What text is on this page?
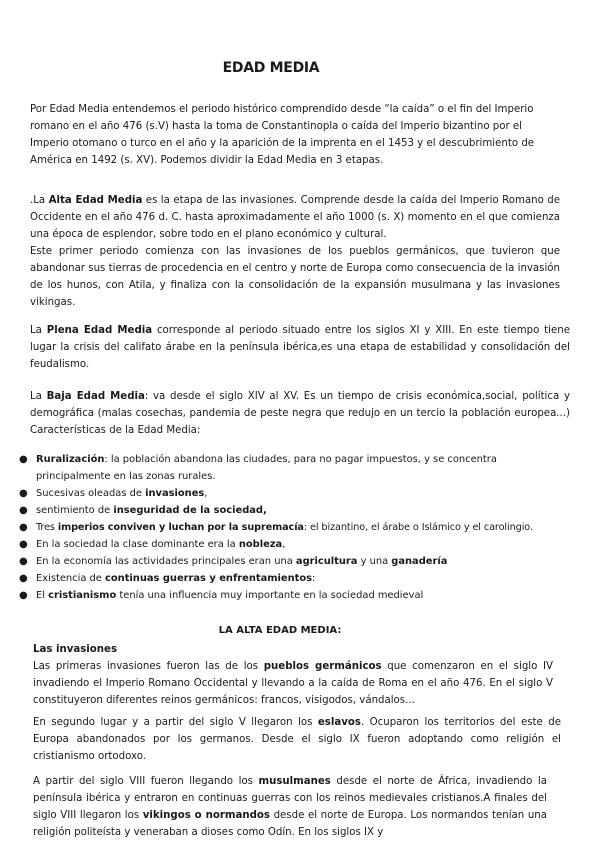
EDAD MEDIA

Por Edad Media entendemos el periodo histórico comprendido desde “la caída” o el fin del Imperio romano en el año 476 (s.V) hasta la toma de Constantinopla o caída del Imperio bizantino por el Imperio otomano o turco en el año y la aparición de la imprenta en el 1453 y el descubrimiento de América en 1492 (s. XV). Podemos dividir la Edad Media en 3 etapas.

.La Alta Edad Media es la etapa de las invasiones. Comprende desde la caída del Imperio Romano de Occidente en el año 476 d. C. hasta aproximadamente el año 1000 (s. X) momento en el que comienza una época de esplendor, sobre todo en el plano económico y cultural.
Este primer periodo comienza con las invasiones de los pueblos germánicos, que tuvieron que abandonar sus tierras de procedencia en el centro y norte de Europa como consecuencia de la invasión de los hunos, con Atila, y finaliza con la consolidación de la expansión musulmana y las invasiones vikingas.

La Plena Edad Media corresponde al periodo situado entre los siglos XI y XIII. En este tiempo tiene lugar la crisis del califato árabe en la península ibérica,es una etapa de estabilidad y consolidación del feudalismo.

La Baja Edad Media: va desde el siglo XIV al XV. Es un tiempo de crisis económica,social, política y demográfica (malas cosechas, pandemia de peste negra que redujo en un tercio la población europea...) Características de la Edad Media:

● Ruralización: la población abandona las ciudades, para no pagar impuestos, y se concentra principalmente en las zonas rurales.
● Sucesivas oleadas de invasiones,
● sentimiento de inseguridad de la sociedad,
● Tres imperios conviven y luchan por la supremacía: el bizantino, el árabe o Islámico y el carolingio.
● En la sociedad la clase dominante era la nobleza,
● En la economía las actividades principales eran una agricultura y una ganadería
● Existencia de continuas guerras y enfrentamientos:
● El cristianismo tenía una influencia muy importante en la sociedad medieval
LA ALTA EDAD MEDIA:
Las invasiones

Las primeras invasiones fueron las de los pueblos germánicos que comenzaron en el siglo IV invadiendo el Imperio Romano Occidental y llevando a la caída de Roma en el año 476. En el siglo V constituyeron diferentes reinos germánicos: francos, visigodos, vándalos...

En segundo lugar y a partir del siglo V llegaron los eslavos. Ocuparon los territorios del este de Europa abandonados por los germanos. Desde el siglo IX fueron adoptando como religión el cristianismo ortodoxo.

A partir del siglo VIII fueron llegando los musulmanes desde el norte de África, invadiendo la península ibérica y entraron en continuas guerras con los reinos medievales cristianos.A finales del siglo VIII llegaron los vikingos o normandos desde el norte de Europa. Los normandos tenían una religión politeísta y veneraban a dioses como Odín. En los siglos IX y
